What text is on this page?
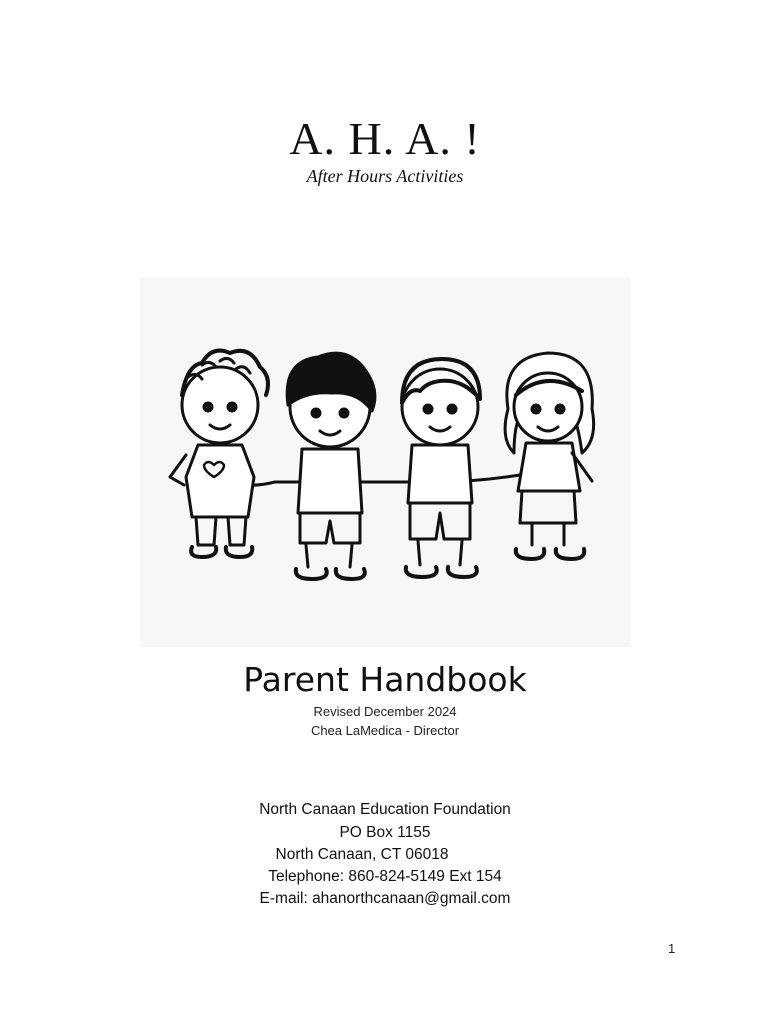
A. H. A. !
After Hours Activities
Parent Handbook
Revised December 2024
Chea LaMedica - Director
North Canaan Education Foundation
PO Box 1155
North Canaan, CT 06018
Telephone: 860-824-5149 Ext 154
E-mail: ahanorthcanaan@gmail.com
1
